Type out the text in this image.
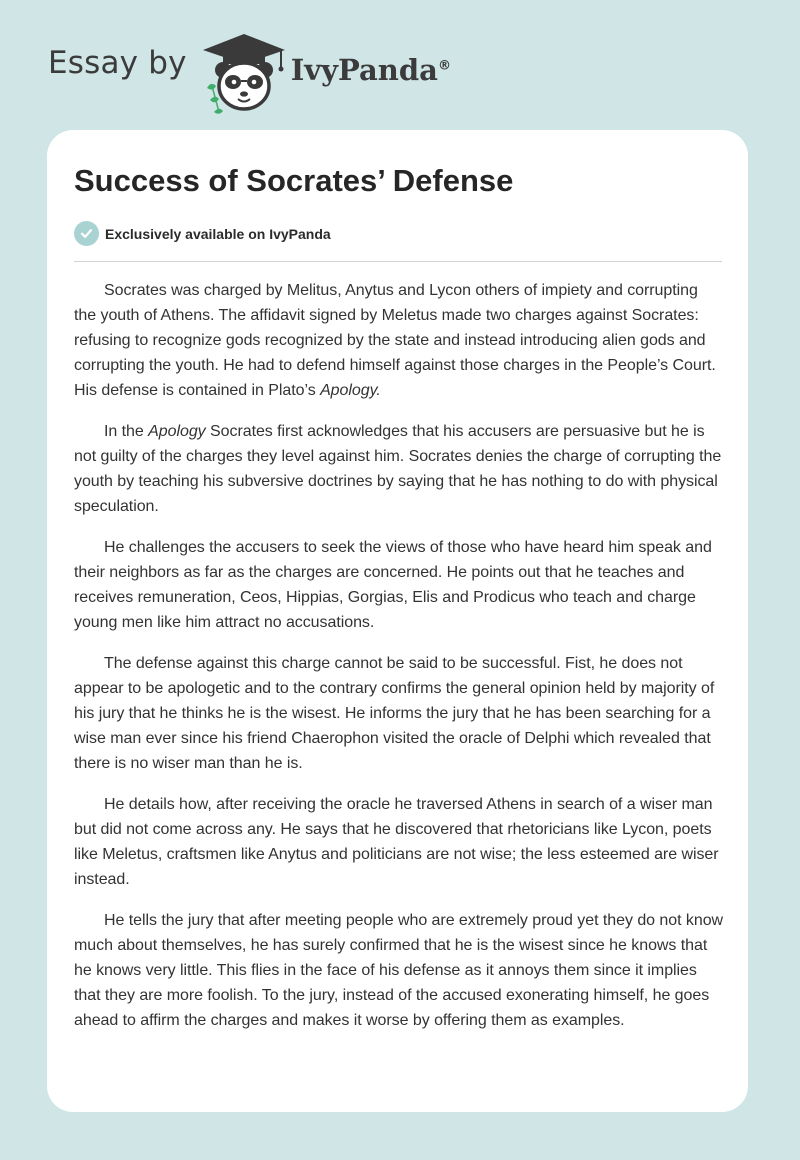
Essay by	IvyPanda®
Success of Socrates’ Defense
Exclusively available on IvyPanda

Socrates was charged by Melitus, Anytus and Lycon others of impiety and corrupting the youth of Athens. The affidavit signed by Meletus made two charges against Socrates: refusing to recognize gods recognized by the state and instead introducing alien gods and corrupting the youth. He had to defend himself against those charges in the People’s Court. His defense is contained in Plato’s Apology.

In the Apology Socrates first acknowledges that his accusers are persuasive but he is not guilty of the charges they level against him. Socrates denies the charge of corrupting the youth by teaching his subversive doctrines by saying that he has nothing to do with physical speculation.

He challenges the accusers to seek the views of those who have heard him speak and their neighbors as far as the charges are concerned. He points out that he teaches and receives remuneration, Ceos, Hippias, Gorgias, Elis and Prodicus who teach and charge young men like him attract no accusations.

The defense against this charge cannot be said to be successful. Fist, he does not appear to be apologetic and to the contrary confirms the general opinion held by majority of his jury that he thinks he is the wisest. He informs the jury that he has been searching for a wise man ever since his friend Chaerophon visited the oracle of Delphi which revealed that there is no wiser man than he is.

He details how, after receiving the oracle he traversed Athens in search of a wiser man but did not come across any. He says that he discovered that rhetoricians like Lycon, poets like Meletus, craftsmen like Anytus and politicians are not wise; the less esteemed are wiser instead.

He tells the jury that after meeting people who are extremely proud yet they do not know much about themselves, he has surely confirmed that he is the wisest since he knows that he knows very little. This flies in the face of his defense as it annoys them since it implies that they are more foolish. To the jury, instead of the accused exonerating himself, he goes ahead to affirm the charges and makes it worse by offering them as examples.
